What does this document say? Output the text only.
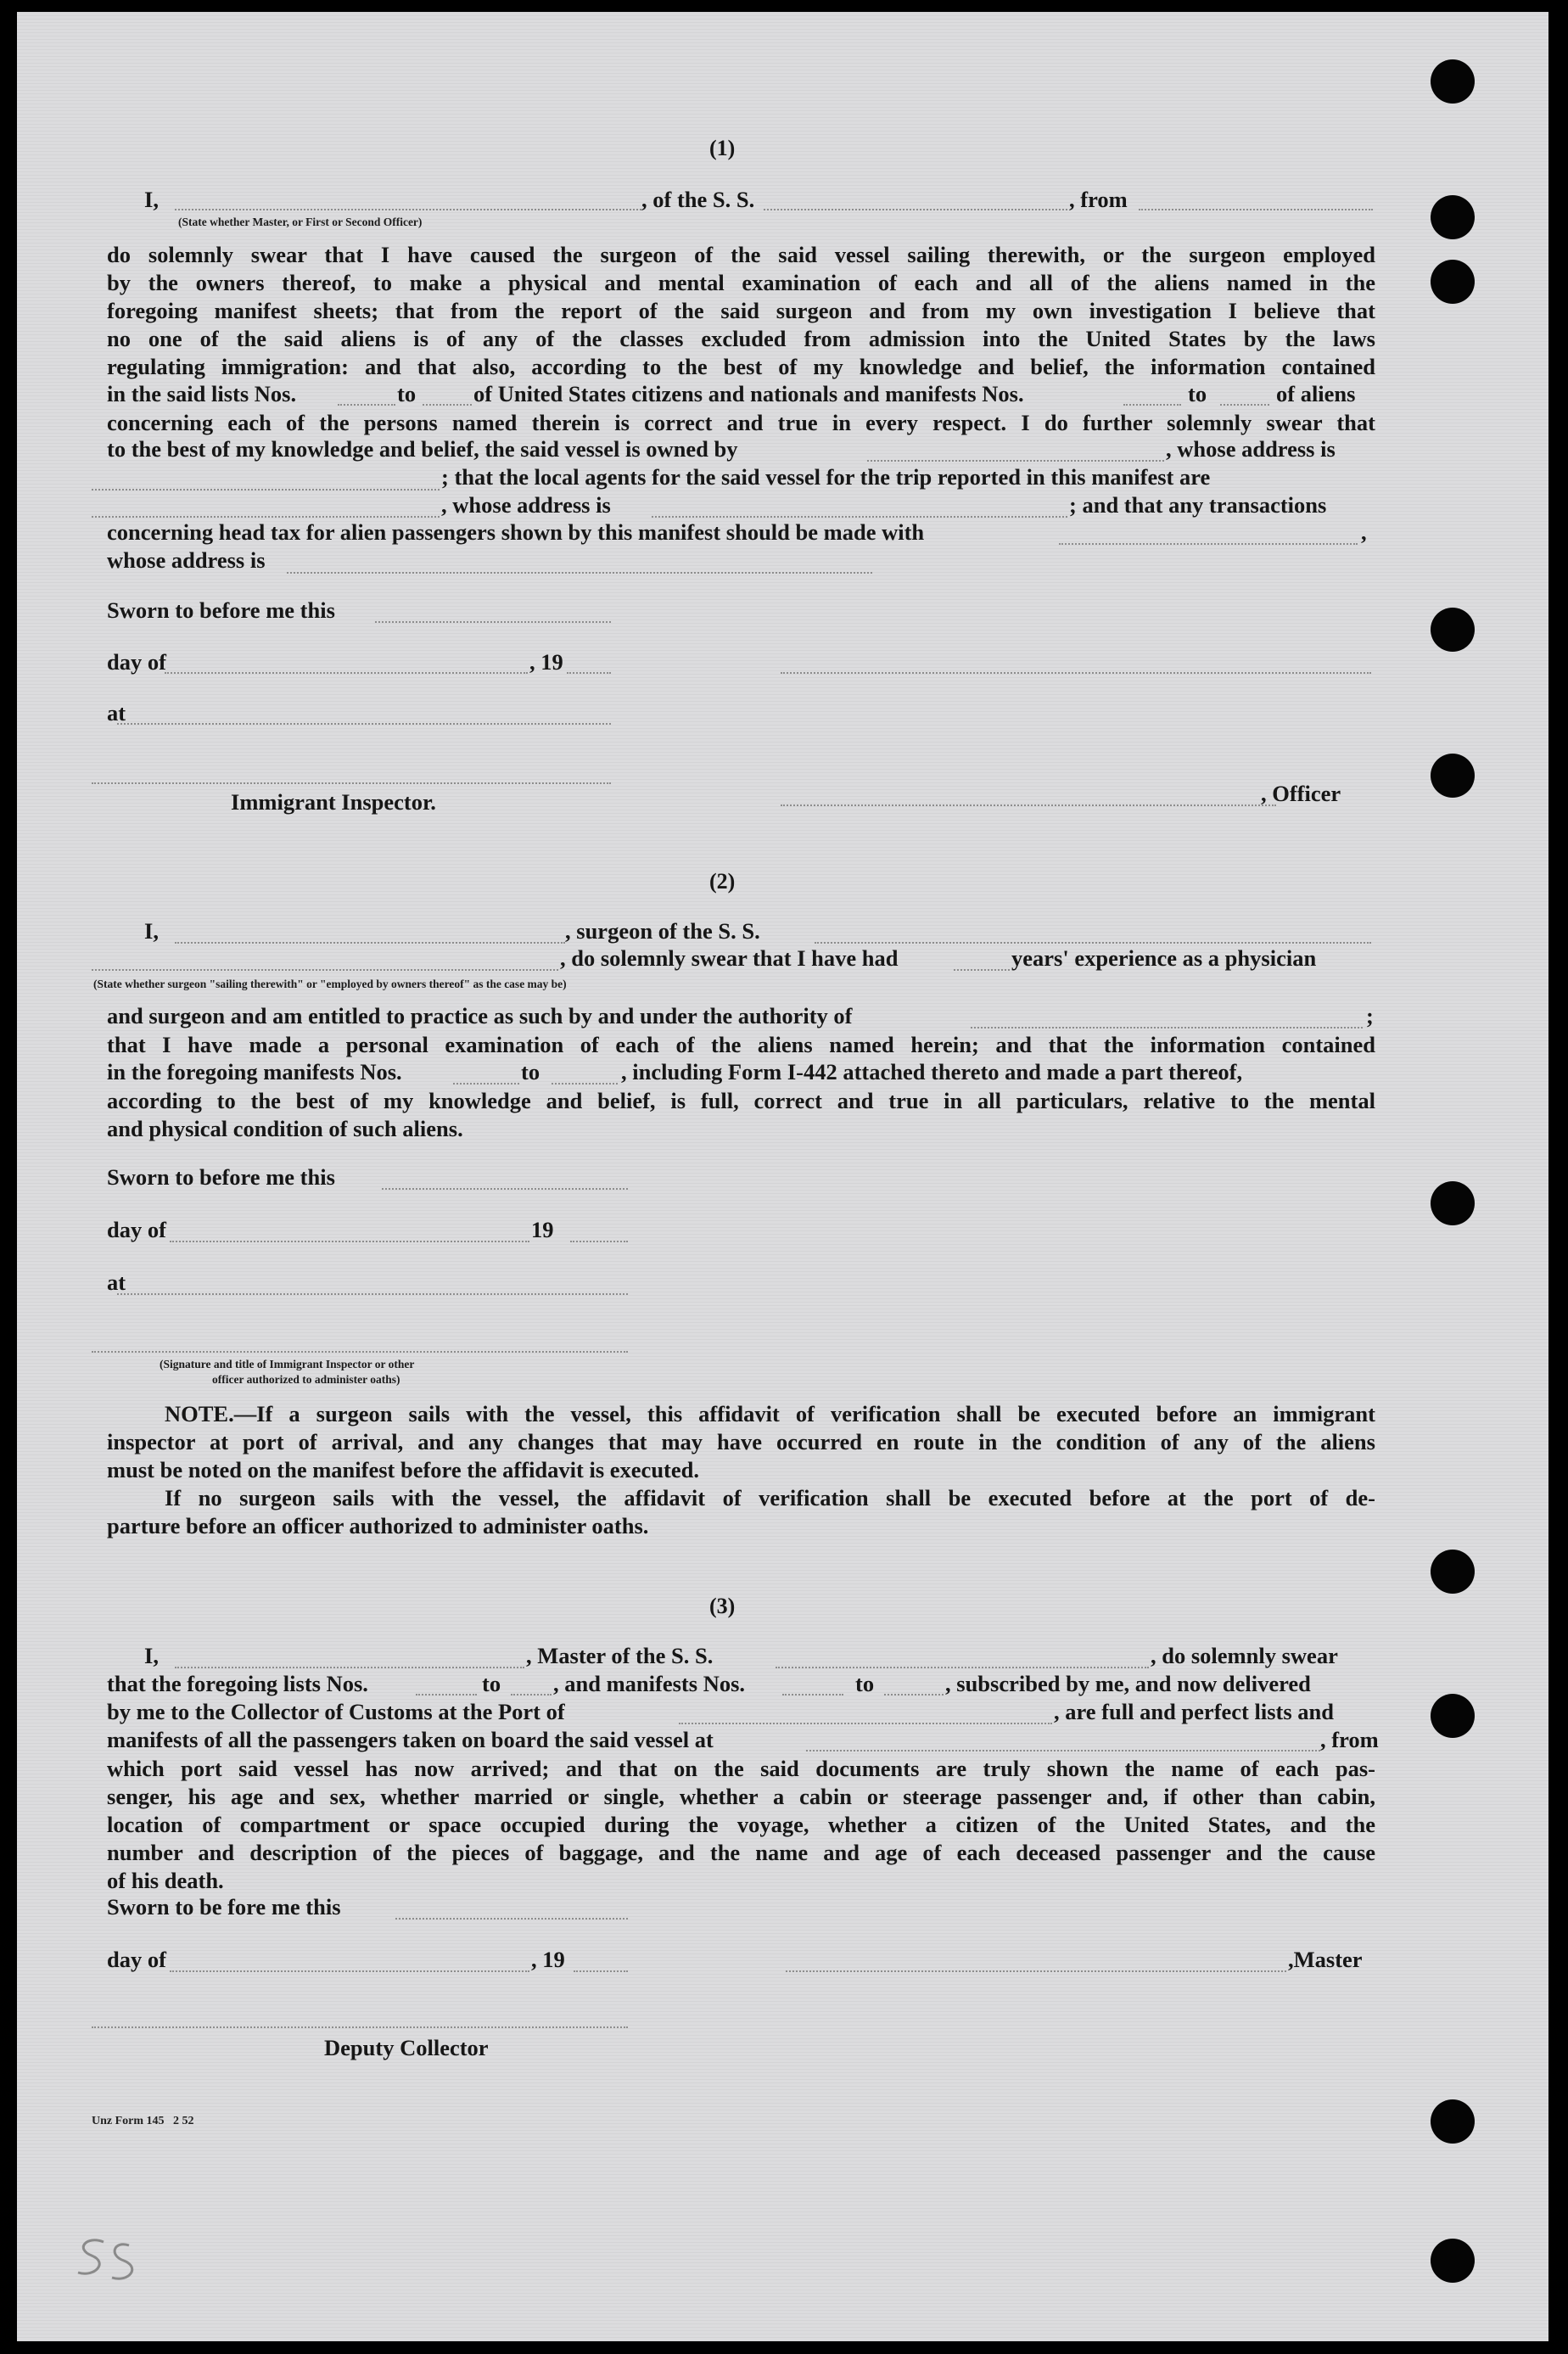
(1)
I,	, of the S. S.	, from
(State whether Master, or First or Second Officer)
do solemnly swear that I have caused the surgeon of the said vessel sailing therewith, or the surgeon employed
by the owners thereof, to make a physical and mental examination of each and all of the aliens named in the
foregoing manifest sheets; that from the report of the said surgeon and from my own investigation I believe that
no one of the said aliens is of any of the classes excluded from admission into the United States by the laws
regulating immigration: and that also, according to the best of my knowledge and belief, the information contained
in the said lists Nos.	to	of United States citizens and nationals and manifests Nos.	to	of aliens
concerning each of the persons named therein is correct and true in every respect. I do further solemnly swear that
to the best of my knowledge and belief, the said vessel is owned by	, whose address is
; that the local agents for the said vessel for the trip reported in this manifest are
, whose address is	; and that any transactions
concerning head tax for alien passengers shown by this manifest should be made with	,
whose address is
Sworn to before me this
day of	, 19
at
Immigrant Inspector.	, Officer
(2)
I,	, surgeon of the S. S.
, do solemnly swear that I have had	years' experience as a physician
(State whether surgeon "sailing therewith" or "employed by owners thereof" as the case may be)
and surgeon and am entitled to practice as such by and under the authority of	;
that I have made a personal examination of each of the aliens named herein; and that the information contained
in the foregoing manifests Nos.	to	, including Form I-442 attached thereto and made a part thereof,
according to the best of my knowledge and belief, is full, correct and true in all particulars, relative to the mental
and physical condition of such aliens.
Sworn to before me this
day of	19
at
(Signature and title of Immigrant Inspector or other
officer authorized to administer oaths)
NOTE.—If a surgeon sails with the vessel, this affidavit of verification shall be executed before an immigrant
inspector at port of arrival, and any changes that may have occurred en route in the condition of any of the aliens
must be noted on the manifest before the affidavit is executed.
If no surgeon sails with the vessel, the affidavit of verification shall be executed before at the port of de-
parture before an officer authorized to administer oaths.
(3)
I,	, Master of the S. S.	, do solemnly swear
that the foregoing lists Nos.	to , and manifests Nos.	to	, subscribed by me, and now delivered
by me to the Collector of Customs at the Port of	, are full and perfect lists and
manifests of all the passengers taken on board the said vessel at	, from
which port said vessel has now arrived; and that on the said documents are truly shown the name of each pas-
senger, his age and sex, whether married or single, whether a cabin or steerage passenger and, if other than cabin,
location of compartment or space occupied during the voyage, whether a citizen of the United States, and the
number and description of the pieces of baggage, and the name and age of each deceased passenger and the cause
of his death.
Sworn to be fore me this
day of	, 19	,Master
Deputy Collector
Unz Form 145   2 52
